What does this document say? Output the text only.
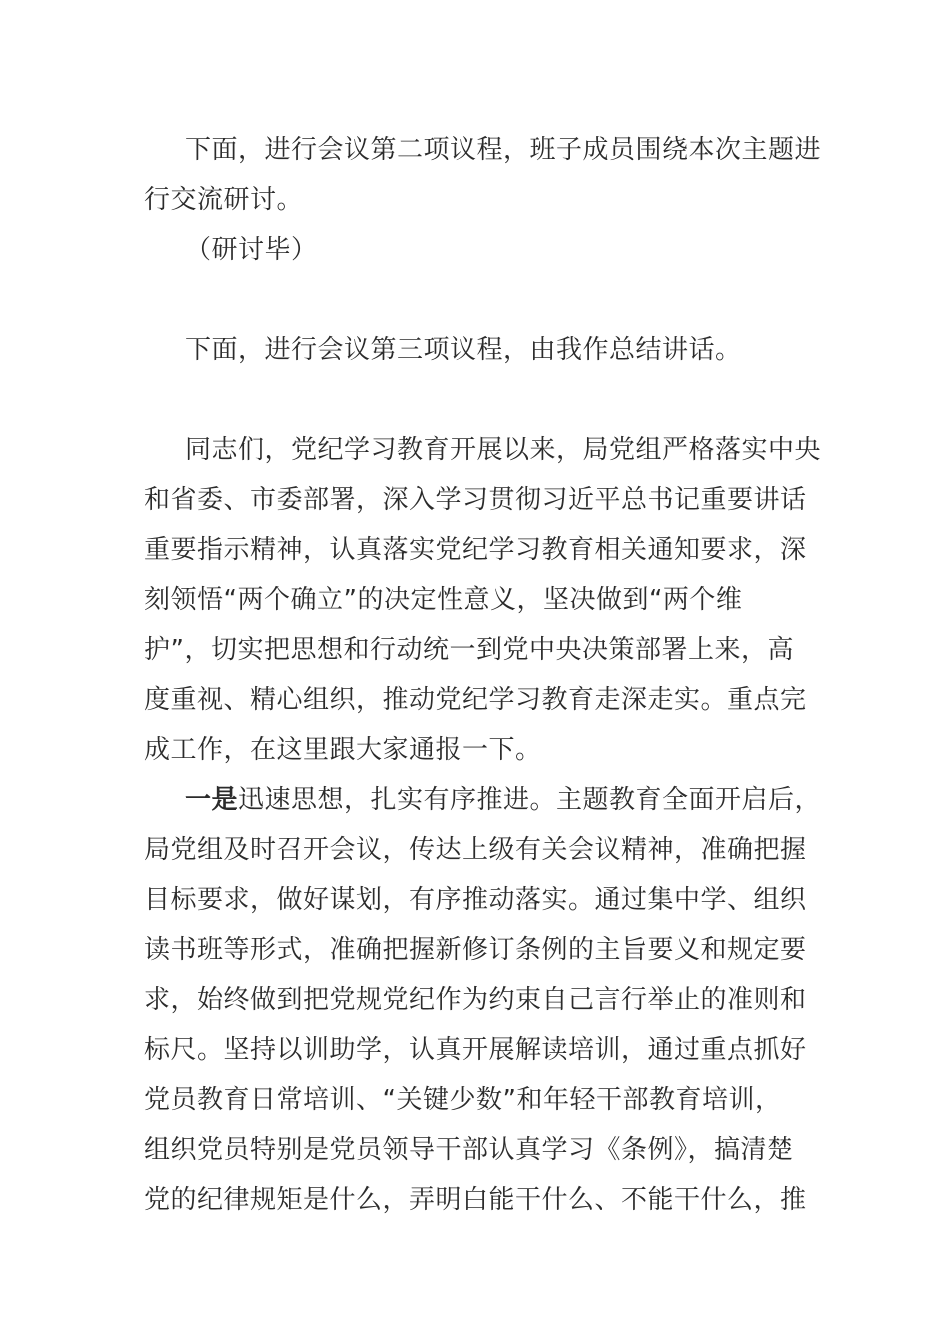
下面，进行会议第二项议程，班子成员围绕本次主题进
行交流研讨。
（研讨毕）
下面，进行会议第三项议程，由我作总结讲话。
同志们，党纪学习教育开展以来，局党组严格落实中央
和省委、市委部署，深入学习贯彻习近平总书记重要讲话
重要指示精神，认真落实党纪学习教育相关通知要求，深
刻领悟“两个确立”的决定性意义，坚决做到“两个维
护”，切实把思想和行动统一到党中央决策部署上来，高
度重视、精心组织，推动党纪学习教育走深走实。重点完
成工作，在这里跟大家通报一下。
一是迅速思想，扎实有序推进。主题教育全面开启后，
局党组及时召开会议，传达上级有关会议精神，准确把握
目标要求，做好谋划，有序推动落实。通过集中学、组织
读书班等形式，准确把握新修订条例的主旨要义和规定要
求，始终做到把党规党纪作为约束自己言行举止的准则和
标尺。坚持以训助学，认真开展解读培训，通过重点抓好
党员教育日常培训、“关键少数”和年轻干部教育培训，
组织党员特别是党员领导干部认真学习《条例》，搞清楚
党的纪律规矩是什么，弄明白能干什么、不能干什么，推
